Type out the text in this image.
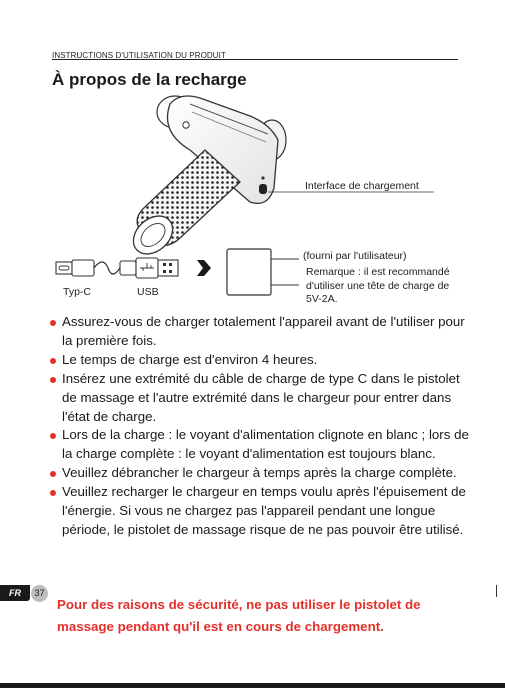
INSTRUCTIONS D'UTILISATION DU PRODUIT
À propos de la recharge
Interface de chargement
Typ-C	USB
(fourni par l'utilisateur)
Remarque : il est recommandé d'utiliser une tête de charge de 5V-2A.
Assurez-vous de charger totalement l'appareil avant de l'utiliser pour la première fois.
Le temps de charge est d'environ 4 heures.
Insérez une extrémité du câble de charge de type C dans le pistolet de massage et l'autre extrémité dans le chargeur pour entrer dans l'état de charge.
Lors de la charge : le voyant d'alimentation clignote en blanc ; lors de la charge complète : le voyant d'alimentation est toujours blanc.
Veuillez débrancher le chargeur à temps après la charge complète.
Veuillez recharger le chargeur en temps voulu après l'épuisement de l'énergie. Si vous ne chargez pas l'appareil pendant une longue période, le pistolet de massage risque de ne pas pouvoir être utilisé.
FR	37
Pour des raisons de sécurité, ne pas utiliser le pistolet de massage pendant qu'il est en cours de chargement.
